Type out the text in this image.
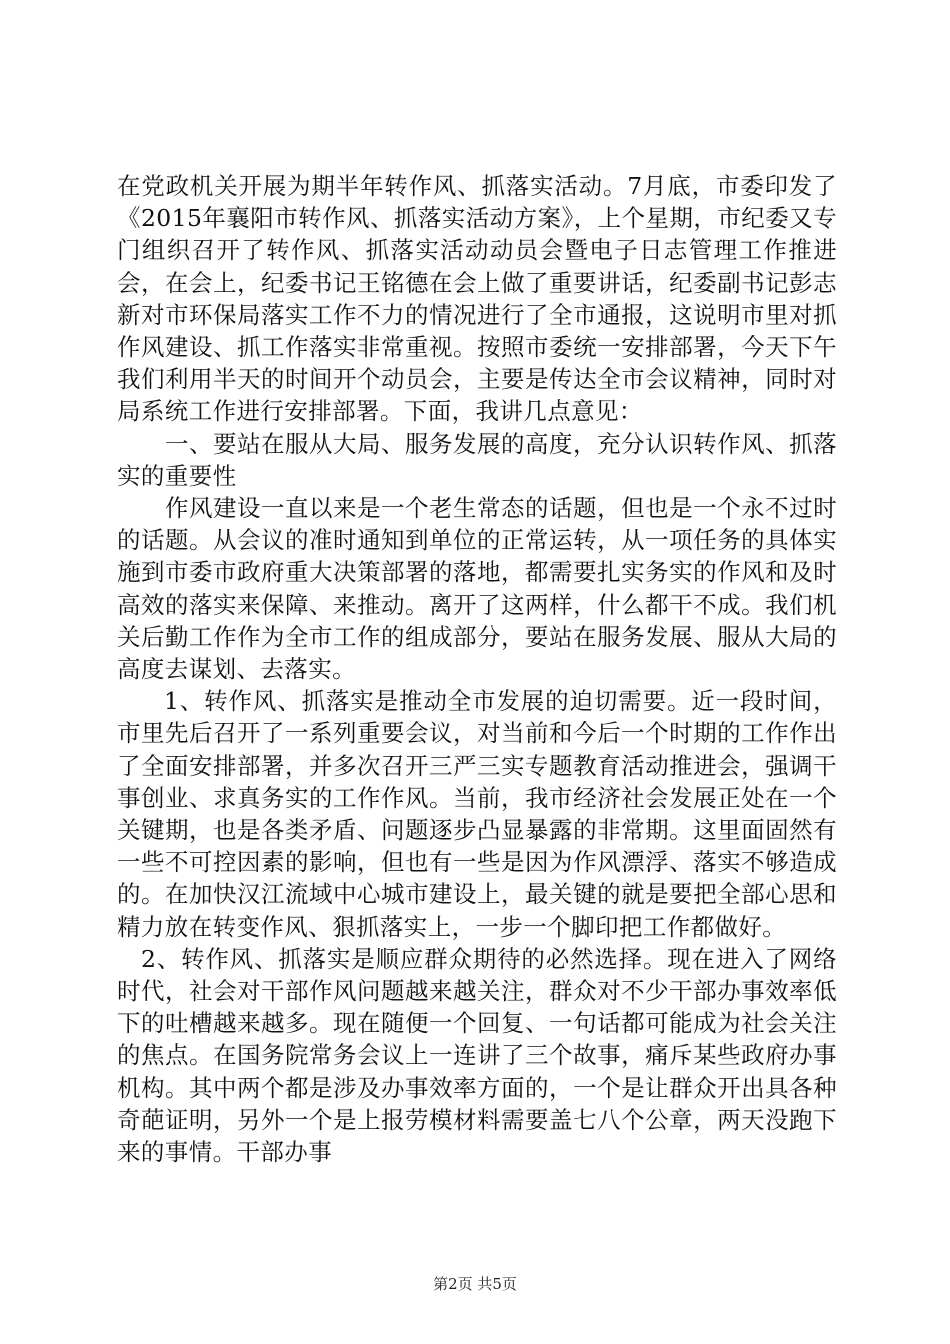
在党政机关开展为期半年转作风、抓落实活动。7月底，市委印发了《2015年襄阳市转作风、抓落实活动方案》，上个星期，市纪委又专门组织召开了转作风、抓落实活动动员会暨电子日志管理工作推进会，在会上，纪委书记王铭德在会上做了重要讲话，纪委副书记彭志新对市环保局落实工作不力的情况进行了全市通报，这说明市里对抓作风建设、抓工作落实非常重视。按照市委统一安排部署，今天下午我们利用半天的时间开个动员会，主要是传达全市会议精神，同时对局系统工作进行安排部署。下面，我讲几点意见：

一、要站在服从大局、服务发展的高度，充分认识转作风、抓落实的重要性

作风建设一直以来是一个老生常态的话题，但也是一个永不过时的话题。从会议的准时通知到单位的正常运转，从一项任务的具体实施到市委市政府重大决策部署的落地，都需要扎实务实的作风和及时高效的落实来保障、来推动。离开了这两样，什么都干不成。我们机关后勤工作作为全市工作的组成部分，要站在服务发展、服从大局的高度去谋划、去落实。

1、转作风、抓落实是推动全市发展的迫切需要。近一段时间，市里先后召开了一系列重要会议，对当前和今后一个时期的工作作出了全面安排部署，并多次召开三严三实专题教育活动推进会，强调干事创业、求真务实的工作作风。当前，我市经济社会发展正处在一个关键期，也是各类矛盾、问题逐步凸显暴露的非常期。这里面固然有一些不可控因素的影响，但也有一些是因为作风漂浮、落实不够造成的。在加快汉江流域中心城市建设上，最关键的就是要把全部心思和精力放在转变作风、狠抓落实上，一步一个脚印把工作都做好。

2、转作风、抓落实是顺应群众期待的必然选择。现在进入了网络时代，社会对干部作风问题越来越关注，群众对不少干部办事效率低下的吐槽越来越多。现在随便一个回复、一句话都可能成为社会关注的焦点。在国务院常务会议上一连讲了三个故事，痛斥某些政府办事机构。其中两个都是涉及办事效率方面的，一个是让群众开出具各种奇葩证明，另外一个是上报劳模材料需要盖七八个公章，两天没跑下来的事情。干部办事

第2页 共5页
